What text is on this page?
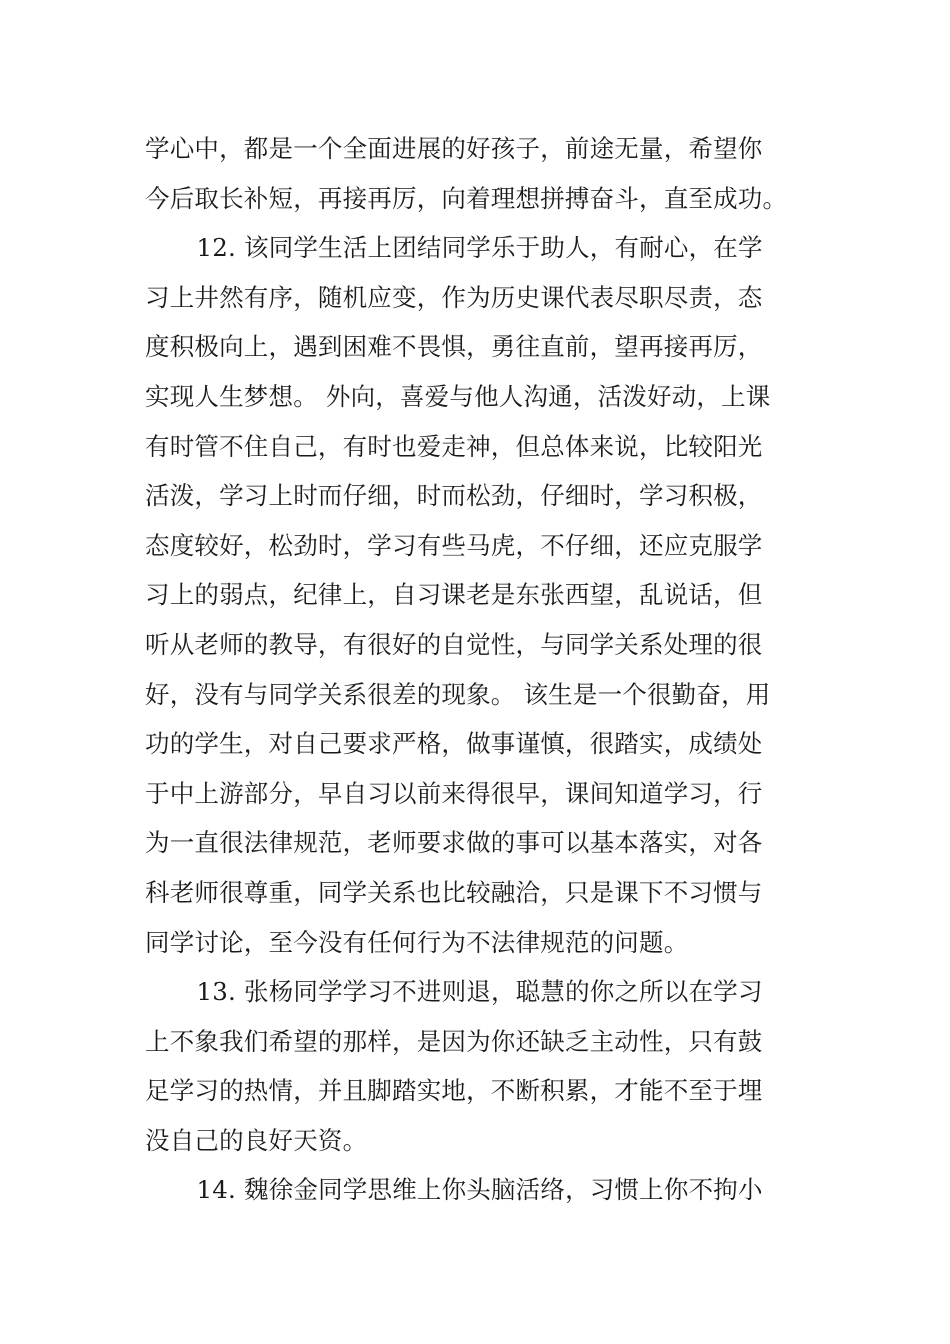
学心中，都是一个全面进展的好孩子，前途无量，希望你
今后取长补短，再接再厉，向着理想拼搏奋斗，直至成功。

12. 该同学生活上团结同学乐于助人，有耐心，在学
习上井然有序，随机应变，作为历史课代表尽职尽责，态
度积极向上，遇到困难不畏惧，勇往直前，望再接再厉，
实现人生梦想。 外向，喜爱与他人沟通，活泼好动，上课
有时管不住自己，有时也爱走神，但总体来说，比较阳光
活泼，学习上时而仔细，时而松劲，仔细时，学习积极，
态度较好，松劲时，学习有些马虎，不仔细，还应克服学
习上的弱点，纪律上，自习课老是东张西望，乱说话，但
听从老师的教导，有很好的自觉性，与同学关系处理的很
好，没有与同学关系很差的现象。 该生是一个很勤奋，用
功的学生，对自己要求严格，做事谨慎，很踏实，成绩处
于中上游部分，早自习以前来得很早，课间知道学习，行
为一直很法律规范，老师要求做的事可以基本落实，对各
科老师很尊重，同学关系也比较融洽，只是课下不习惯与
同学讨论，至今没有任何行为不法律规范的问题。

13. 张杨同学学习不进则退，聪慧的你之所以在学习
上不象我们希望的那样，是因为你还缺乏主动性，只有鼓
足学习的热情，并且脚踏实地，不断积累，才能不至于埋
没自己的良好天资。

14. 魏徐金同学思维上你头脑活络，习惯上你不拘小
